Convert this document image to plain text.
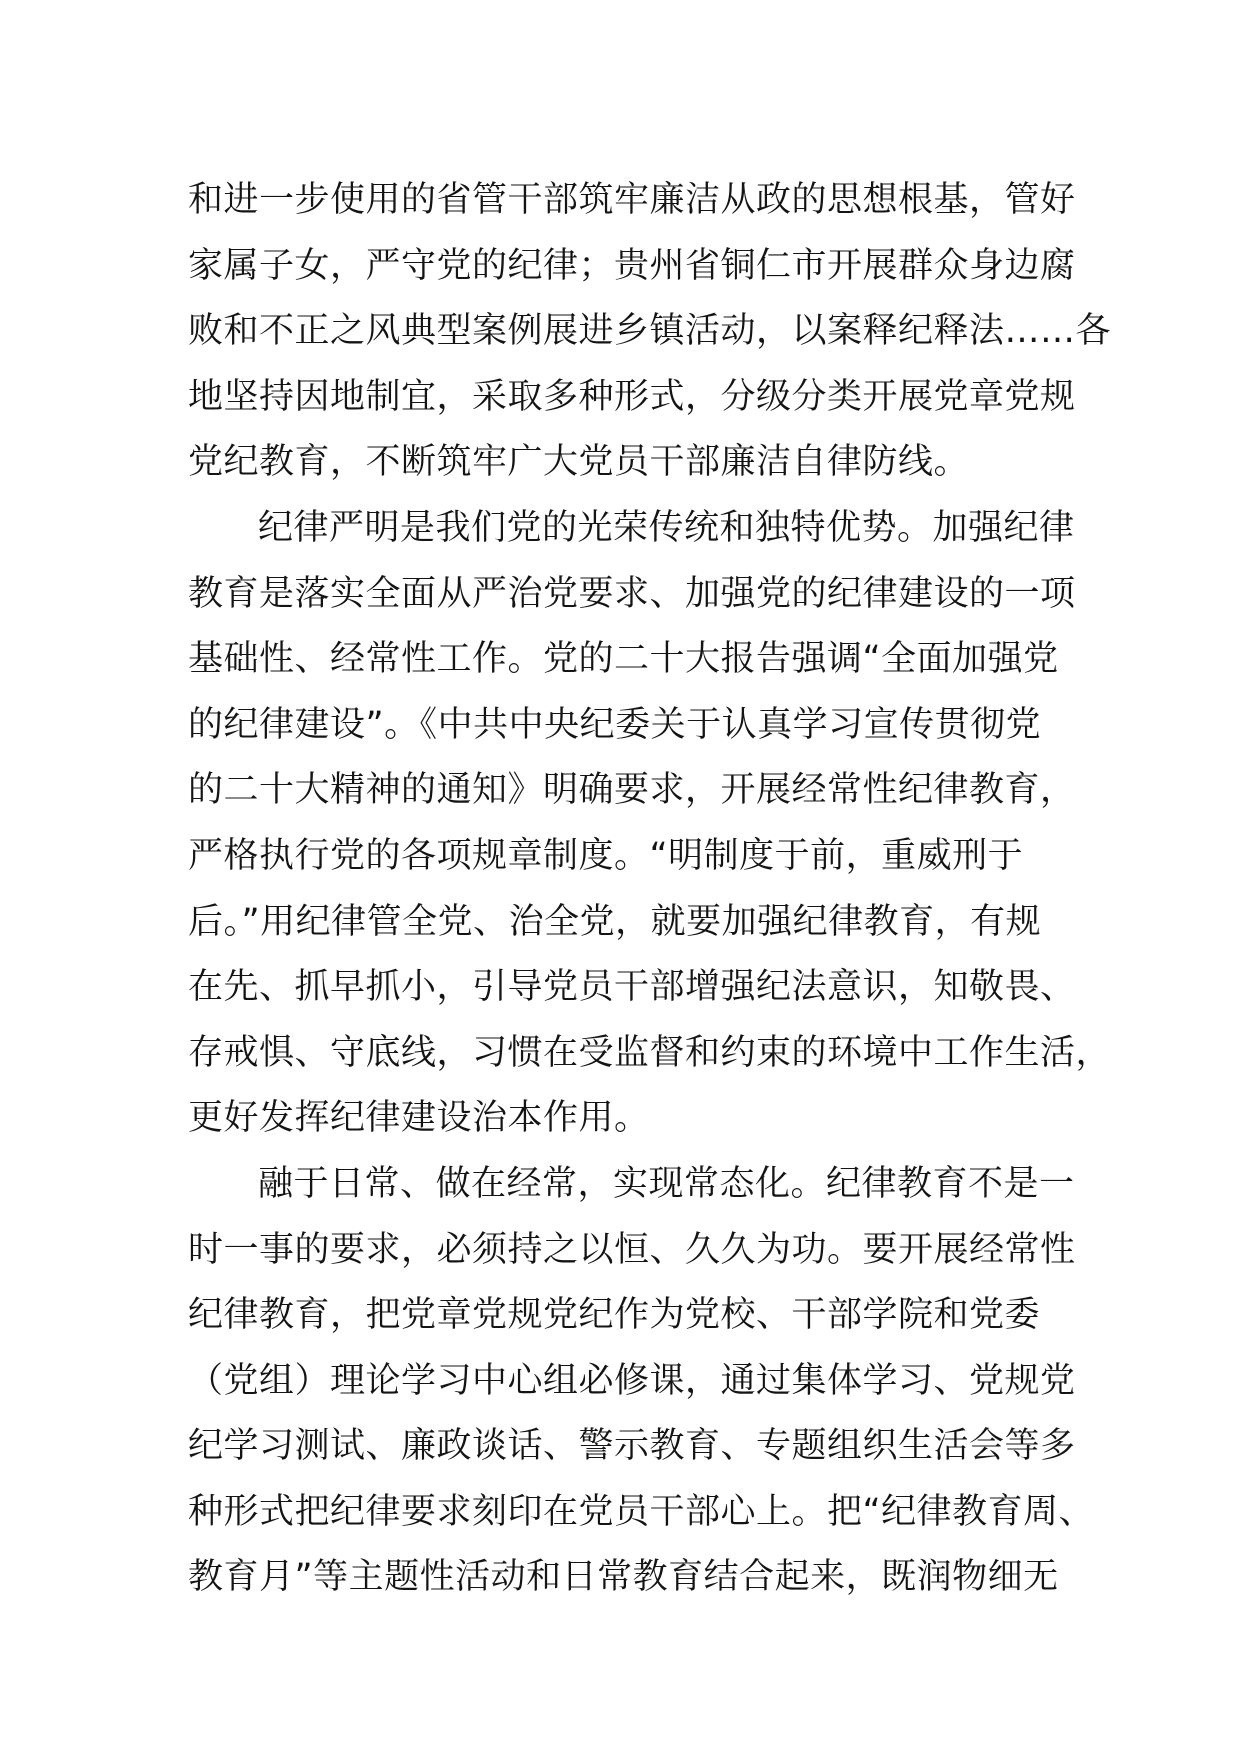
和进一步使用的省管干部筑牢廉洁从政的思想根基，管好
家属子女，严守党的纪律；贵州省铜仁市开展群众身边腐
败和不正之风典型案例展进乡镇活动，以案释纪释法……各
地坚持因地制宜，采取多种形式，分级分类开展党章党规
党纪教育，不断筑牢广大党员干部廉洁自律防线。
纪律严明是我们党的光荣传统和独特优势。加强纪律
教育是落实全面从严治党要求、加强党的纪律建设的一项
基础性、经常性工作。党的二十大报告强调“全面加强党
的纪律建设”。《中共中央纪委关于认真学习宣传贯彻党
的二十大精神的通知》明确要求，开展经常性纪律教育，
严格执行党的各项规章制度。“明制度于前，重威刑于
后。”用纪律管全党、治全党，就要加强纪律教育，有规
在先、抓早抓小，引导党员干部增强纪法意识，知敬畏、
存戒惧、守底线，习惯在受监督和约束的环境中工作生活，
更好发挥纪律建设治本作用。
融于日常、做在经常，实现常态化。纪律教育不是一
时一事的要求，必须持之以恒、久久为功。要开展经常性
纪律教育，把党章党规党纪作为党校、干部学院和党委
（党组）理论学习中心组必修课，通过集体学习、党规党
纪学习测试、廉政谈话、警示教育、专题组织生活会等多
种形式把纪律要求刻印在党员干部心上。把“纪律教育周、
教育月”等主题性活动和日常教育结合起来，既润物细无
